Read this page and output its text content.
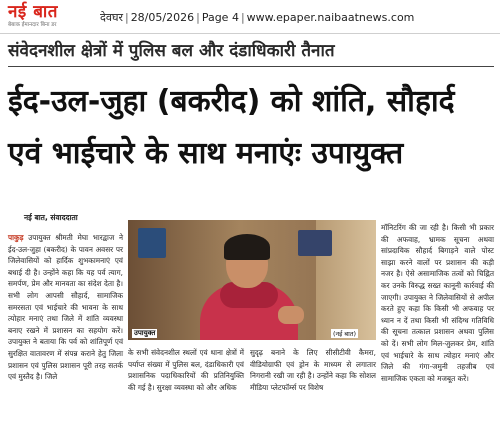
नई बात
बेबाक ईमानदार बिना डर
देवघर | 28/05/2026 | Page 4 | www.epaper.naibaatnews.com
संवेदनशील क्षेत्रों में पुलिस बल और दंडाधिकारी तैनात
ईद-उल-जुहा (बकरीद) को शांति, सौहार्द
एवं भाईचारे के साथ मनाएंः उपायुक्त
नई बात, संवाददाता
पाकुड़ उपायुक्त श्रीमती मेघा भारद्वाज ने ईद-उल-जुहा (बकरीद) के पावन अवसर पर जिलेवासियों को हार्दिक शुभकामनाएं एवं बधाई दी है। उन्होंने कहा कि यह पर्व त्याग, समर्पण, प्रेम और मानवता का संदेश देता है। सभी लोग आपसी सौहार्द, सामाजिक समरसता एवं भाईचारे की भावना के साथ त्योहार मनाएं तथा जिले में शांति व्यवस्था बनाए रखने में प्रशासन का सहयोग करें। उपायुक्त ने बताया कि पर्व को शांतिपूर्ण एवं सुरक्षित वातावरण में संपन्न कराने हेतु जिला प्रशासन एवं पुलिस प्रशासन पूरी तरह सतर्क एवं मुस्तैद है। जिले
उपायुक्त	(नई बात)
के सभी संवेदनशील स्थलों एवं थाना क्षेत्रों में पर्याप्त संख्या में पुलिस बल, दंडाधिकारी एवं प्रशासनिक पदाधिकारियों की प्रतिनियुक्ति की गई है। सुरक्षा व्यवस्था को और अधिक
सुदृढ़ बनाने के लिए सीसीटीवी कैमरा, वीडियोग्राफी एवं ड्रोन के माध्यम से लगातार निगरानी रखी जा रही है। उन्होंने कहा कि सोशल मीडिया प्लेटफॉर्म्स पर विशेष
मॉनिटरिंग की जा रही है। किसी भी प्रकार की अफवाह, भ्रामक सूचना अथवा सांप्रदायिक सौहार्द बिगाड़ने वाले पोस्ट साझा करने वालों पर प्रशासन की कड़ी नजर है। ऐसे असामाजिक तत्वों को चिह्नित कर उनके विरुद्ध सख्त कानूनी कार्रवाई की जाएगी। उपायुक्त ने जिलेवासियों से अपील करते हुए कहा कि किसी भी अफवाह पर ध्यान न दें तथा किसी भी संदिग्ध गतिविधि की सूचना तत्काल प्रशासन अथवा पुलिस को दें। सभी लोग मिल-जुलकर प्रेम, शांति एवं भाईचारे के साथ त्योहार मनाएं और जिले की गंगा-जमुनी तहजीब एवं सामाजिक एकता को मजबूत करें।
